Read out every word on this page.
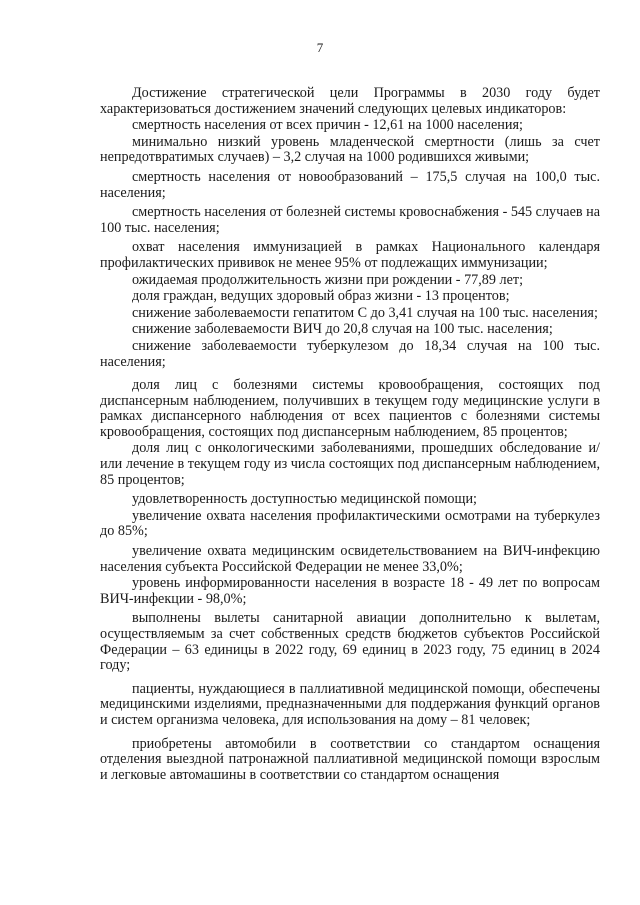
7

Достижение стратегической цели Программы в 2030 году будет характеризоваться достижением значений следующих целевых индикаторов:

смертность населения от всех причин - 12,61 на 1000 населения;

минимально низкий уровень младенческой смертности (лишь за счет непредотвратимых случаев) – 3,2 случая на 1000 родившихся живыми;

смертность населения от новообразований – 175,5 случая на 100,0 тыс. населения;

смертность населения от болезней системы кровоснабжения - 545 случаев на 100 тыс. населения;

охват населения иммунизацией в рамках Национального календаря профилактических прививок не менее 95% от подлежащих иммунизации;

ожидаемая продолжительность жизни при рождении - 77,89 лет;

доля граждан, ведущих здоровый образ жизни - 13 процентов;

снижение заболеваемости гепатитом С до 3,41 случая на 100 тыс. населения;

снижение заболеваемости ВИЧ до 20,8 случая на 100 тыс. населения;

снижение заболеваемости туберкулезом до 18,34 случая на 100 тыс. населения;

доля лиц с болезнями системы кровообращения, состоящих под диспансерным наблюдением, получивших в текущем году медицинские услуги в рамках диспансерного наблюдения от всех пациентов с болезнями системы кровообращения, состоящих под диспансерным наблюдением, 85 процентов;

доля лиц с онкологическими заболеваниями, прошедших обследование и/или лечение в текущем году из числа состоящих под диспансерным наблюдением, 85 процентов;

удовлетворенность доступностью медицинской помощи;

увеличение охвата населения профилактическими осмотрами на туберкулез до 85%;

увеличение охвата медицинским освидетельствованием на ВИЧ-инфекцию населения субъекта Российской Федерации не менее 33,0%;

уровень информированности населения в возрасте 18 - 49 лет по вопросам ВИЧ-инфекции - 98,0%;

выполнены вылеты санитарной авиации дополнительно к вылетам, осуществляемым за счет собственных средств бюджетов субъектов Российской Федерации – 63 единицы в 2022 году, 69 единиц в 2023 году, 75 единиц в 2024 году;

пациенты, нуждающиеся в паллиативной медицинской помощи, обеспечены медицинскими изделиями, предназначенными для поддержания функций органов и систем организма человека, для использования на дому – 81 человек;

приобретены автомобили в соответствии со стандартом оснащения отделения выездной патронажной паллиативной медицинской помощи взрослым и легковые автомашины в соответствии со стандартом оснащения
